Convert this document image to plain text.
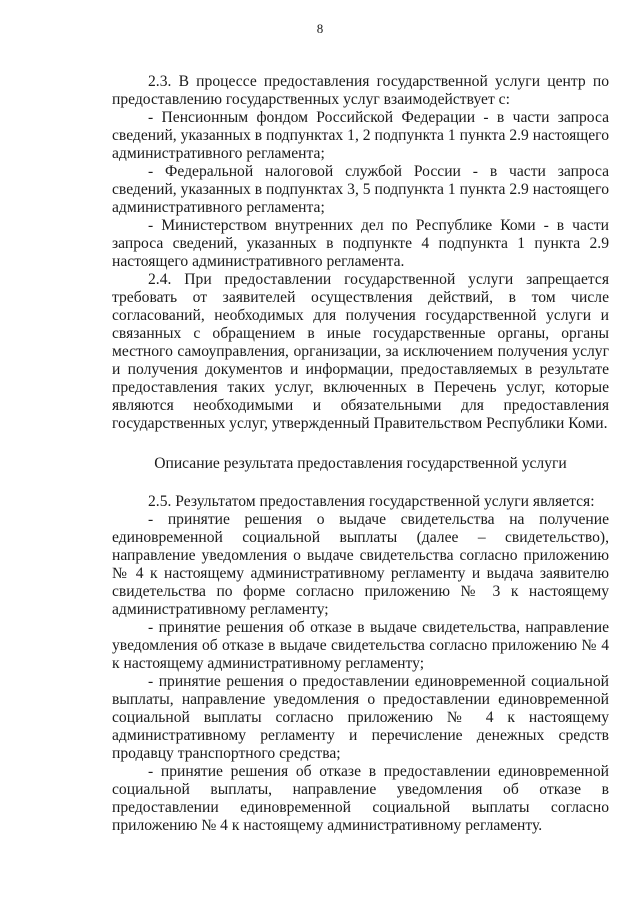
8

2.3. В процессе предоставления государственной услуги центр по предоставлению государственных услуг взаимодействует с:

- Пенсионным фондом Российской Федерации - в части запроса сведений, указанных в подпунктах 1, 2 подпункта 1 пункта 2.9 настоящего административного регламента;

- Федеральной налоговой службой России - в части запроса сведений, указанных в подпунктах 3, 5 подпункта 1 пункта 2.9 настоящего административного регламента;

- Министерством внутренних дел по Республике Коми - в части запроса сведений, указанных в подпункте 4 подпункта 1 пункта 2.9 настоящего административного регламента.

2.4. При предоставлении государственной услуги запрещается требовать от заявителей осуществления действий, в том числе согласований, необходимых для получения государственной услуги и связанных с обращением в иные государственные органы, органы местного самоуправления, организации, за исключением получения услуг и получения документов и информации, предоставляемых в результате предоставления таких услуг, включенных в Перечень услуг, которые являются необходимыми и обязательными для предоставления государственных услуг, утвержденный Правительством Республики Коми.

Описание результата предоставления государственной услуги

2.5. Результатом предоставления государственной услуги является:

- принятие решения о выдаче свидетельства на получение единовременной социальной выплаты (далее – свидетельство), направление уведомления о выдаче свидетельства согласно приложению № 4 к настоящему административному регламенту и выдача заявителю свидетельства по форме согласно приложению № 3 к настоящему административному регламенту;

- принятие решения об отказе в выдаче свидетельства, направление уведомления об отказе в выдаче свидетельства согласно приложению № 4 к настоящему административному регламенту;

- принятие решения о предоставлении единовременной социальной выплаты, направление уведомления о предоставлении единовременной социальной выплаты согласно приложению № 4 к настоящему административному регламенту и перечисление денежных средств продавцу транспортного средства;

- принятие решения об отказе в предоставлении единовременной социальной выплаты, направление уведомления об отказе в предоставлении единовременной социальной выплаты согласно приложению № 4 к настоящему административному регламенту.
